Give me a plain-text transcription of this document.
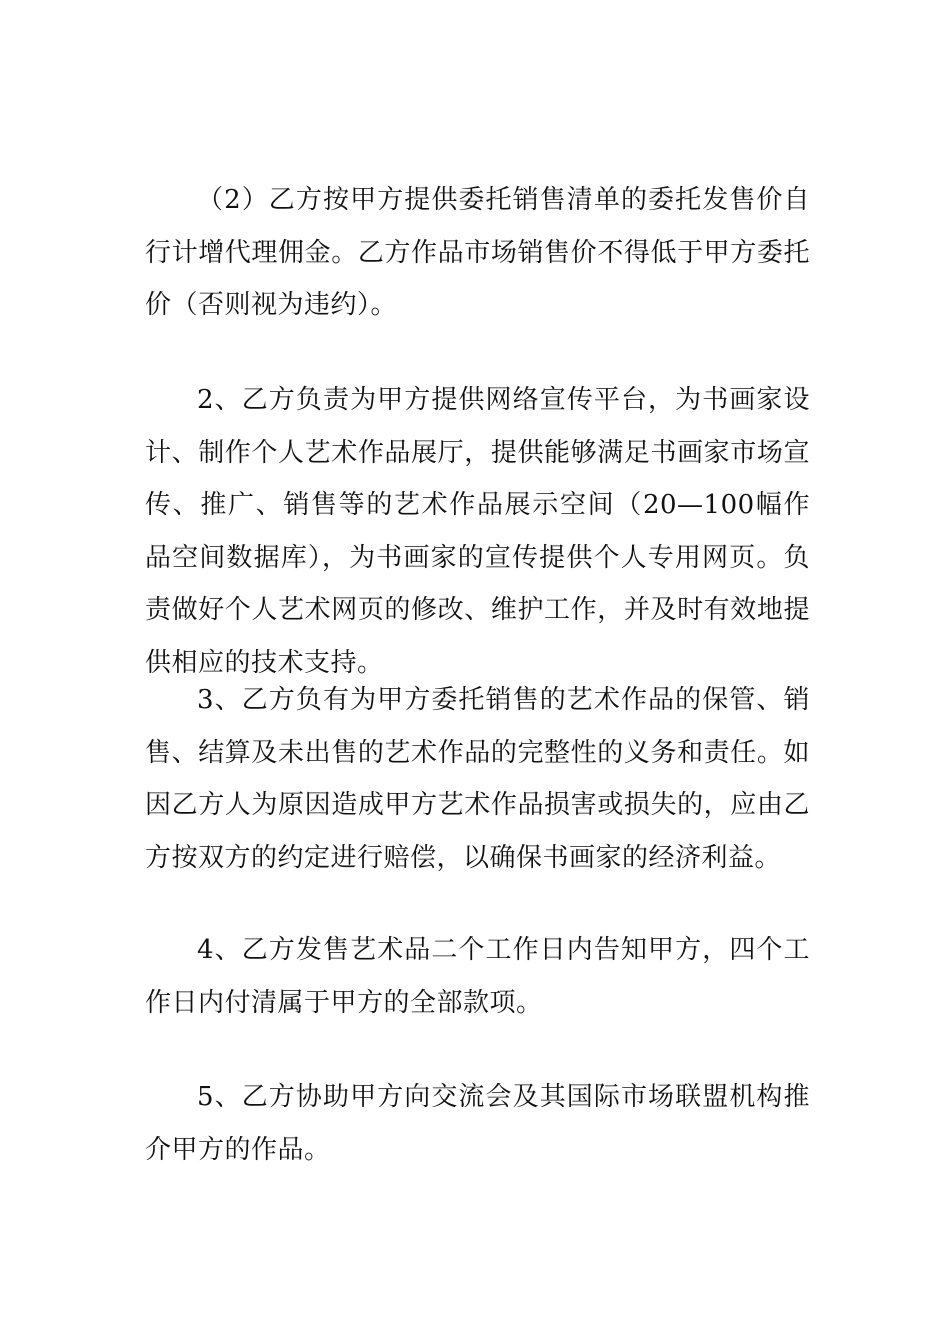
（2）乙方按甲方提供委托销售清单的委托发售价自行计增代理佣金。乙方作品市场销售价不得低于甲方委托价（否则视为违约）。

2、乙方负责为甲方提供网络宣传平台，为书画家设计、制作个人艺术作品展厅，提供能够满足书画家市场宣传、推广、销售等的艺术作品展示空间（20—100幅作品空间数据库），为书画家的宣传提供个人专用网页。负责做好个人艺术网页的修改、维护工作，并及时有效地提供相应的技术支持。

3、乙方负有为甲方委托销售的艺术作品的保管、销售、结算及未出售的艺术作品的完整性的义务和责任。如因乙方人为原因造成甲方艺术作品损害或损失的，应由乙方按双方的约定进行赔偿，以确保书画家的经济利益。

4、乙方发售艺术品二个工作日内告知甲方，四个工作日内付清属于甲方的全部款项。

5、乙方协助甲方向交流会及其国际市场联盟机构推介甲方的作品。
